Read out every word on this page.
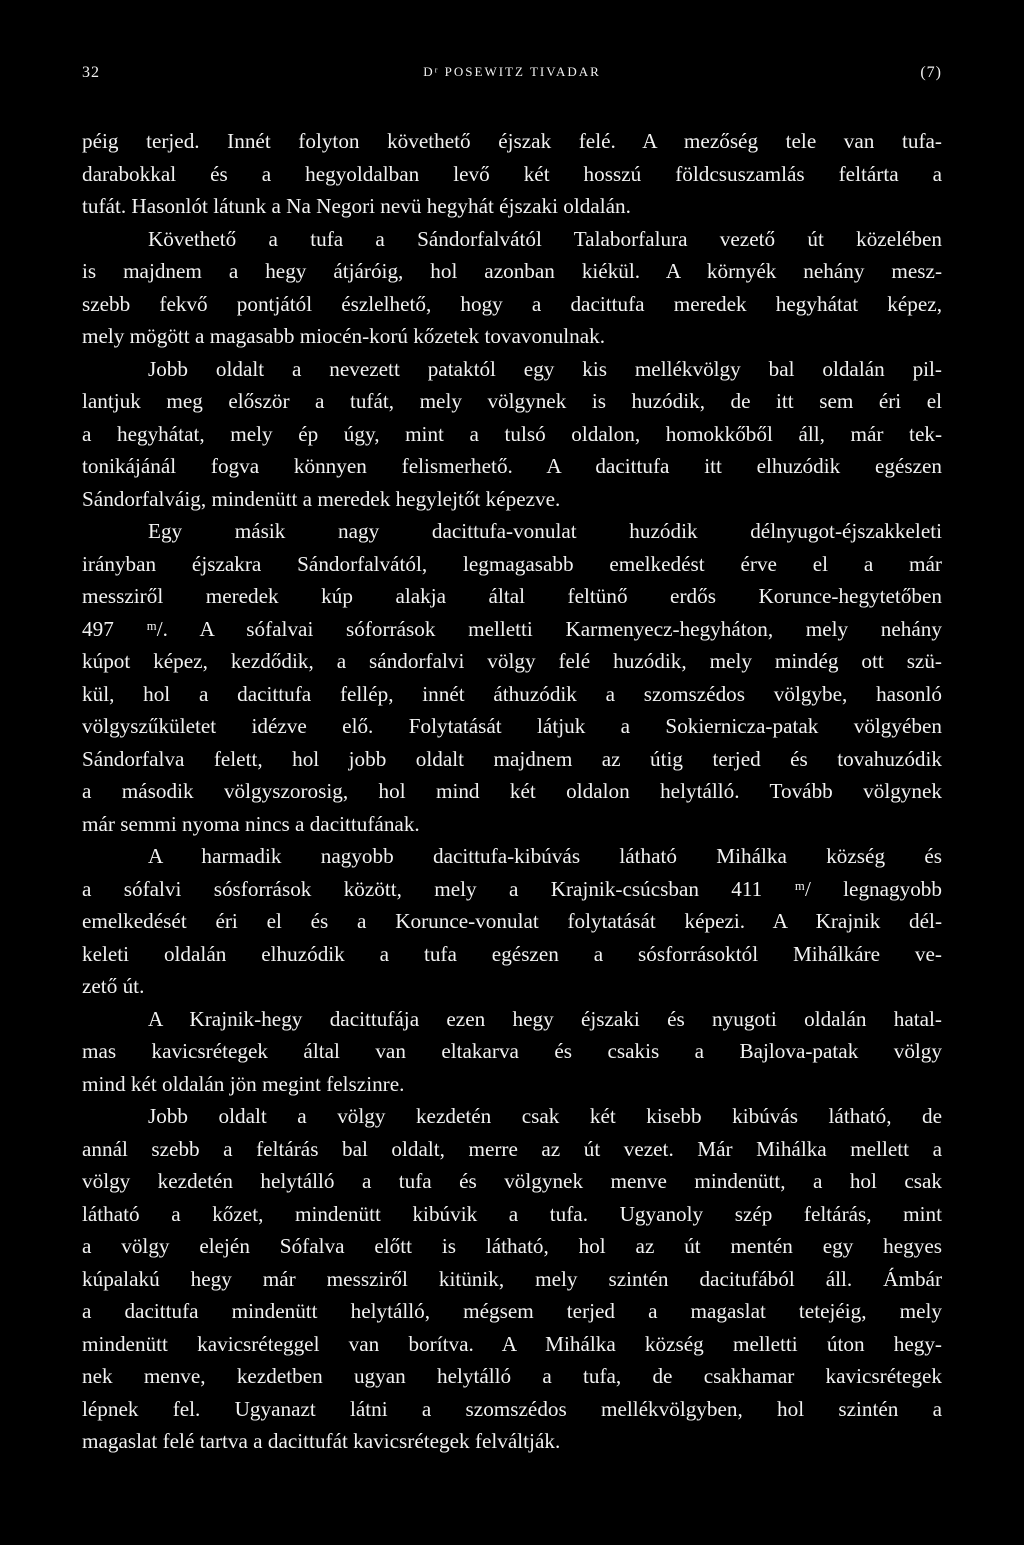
32	Dʳ POSEWITZ TIVADAR	(7)
péig terjed. Innét folyton követhető éjszak felé. A mezőség tele van tufa-
darabokkal és a hegyoldalban levő két hosszú földcsuszamlás feltárta a
tufát. Hasonlót látunk a Na Negori nevü hegyhát éjszaki oldalán.
Követhető a tufa a Sándorfalvától Talaborfalura vezető út közelében
is majdnem a hegy átjáróig, hol azonban kiékül. A környék nehány mesz-
szebb fekvő pontjától észlelhető, hogy a dacittufa meredek hegyhátat képez,
mely mögött a magasabb miocén-korú kőzetek tovavonulnak.
Jobb oldalt a nevezett pataktól egy kis mellékvölgy bal oldalán pil-
lantjuk meg először a tufát, mely völgynek is huzódik, de itt sem éri el
a hegyhátat, mely ép úgy, mint a tulsó oldalon, homokkőből áll, már tek-
tonikájánál fogva könnyen felismerhető. A dacittufa itt elhuzódik egészen
Sándorfalváig, mindenütt a meredek hegylejtőt képezve.
Egy másik nagy dacittufa-vonulat huzódik délnyugot-éjszakkeleti
irányban éjszakra Sándorfalvától, legmagasabb emelkedést érve el a már
messziről meredek kúp alakja által feltünő erdős Korunce-hegytetőben
497 ᵐ/. A sófalvai sóforrások melletti Karmenyecz-hegyhátоn, mely nehány
kúpot képez, kezdődik, a sándorfalvi völgy felé huzódik, mely mindég ott szü-
kül, hol a dacittufa fellép, innét áthuzódik a szomszédos völgybe, hasonló
völgyszűkületet idézve elő. Folytatását látjuk a Sokiernicza-patak völgyében
Sándorfalva felett, hol jobb oldalt majdnem az útig terjed és tovahuzódik
a második völgyszorosig, hol mind két oldalon helytálló. Tovább völgynek
már semmi nyoma nincs a dacittufának.
A harmadik nagyobb dacittufa-kibúvás látható Mihálka község és
a sófalvi sósforrások között, mely a Krajnik-csúcsban 411 ᵐ/ legnagyobb
emelkedését éri el és a Korunce-vonulat folytatását képezi. A Krajnik dél-
keleti oldalán elhuzódik a tufa egészen a sósforrásoktól Mihálkáre ve-
zető út.
A Krajnik-hegy dacittufája ezen hegy éjszaki és nyugoti oldalán hatal-
mas kavicsrétegek által van eltakarva és csakis a Bajlova-patak völgy
mind két oldalán jön megint felszinre.
Jobb oldalt a völgy kezdetén csak két kisebb kibúvás látható, de
annál szebb a feltárás bal oldalt, merre az út vezet. Már Mihálka mellett a
völgy kezdetén helytálló a tufa és völgynek menve mindenütt, a hol csak
látható a kőzet, mindenütt kibúvik a tufa. Ugyanoly szép feltárás, mint
a völgy elején Sófalva előtt is látható, hol az út mentén egy hegyes
kúpalakú hegy már messziről kitünik, mely szintén dacitufából áll. Ámbár
a dacittufa mindenütt helytálló, mégsem terjed a magaslat tetejéig, mely
mindenütt kavicsréteggel van borítva. A Mihálka község melletti úton hegy-
nek menve, kezdetben ugyan helytálló a tufa, de csakhamar kavicsrétegek
lépnek fel. Ugyanazt látni a szomszédos mellékvölgyben, hol szintén a
magaslat felé tartva a dacittufát kavicsrétegek felváltják.
